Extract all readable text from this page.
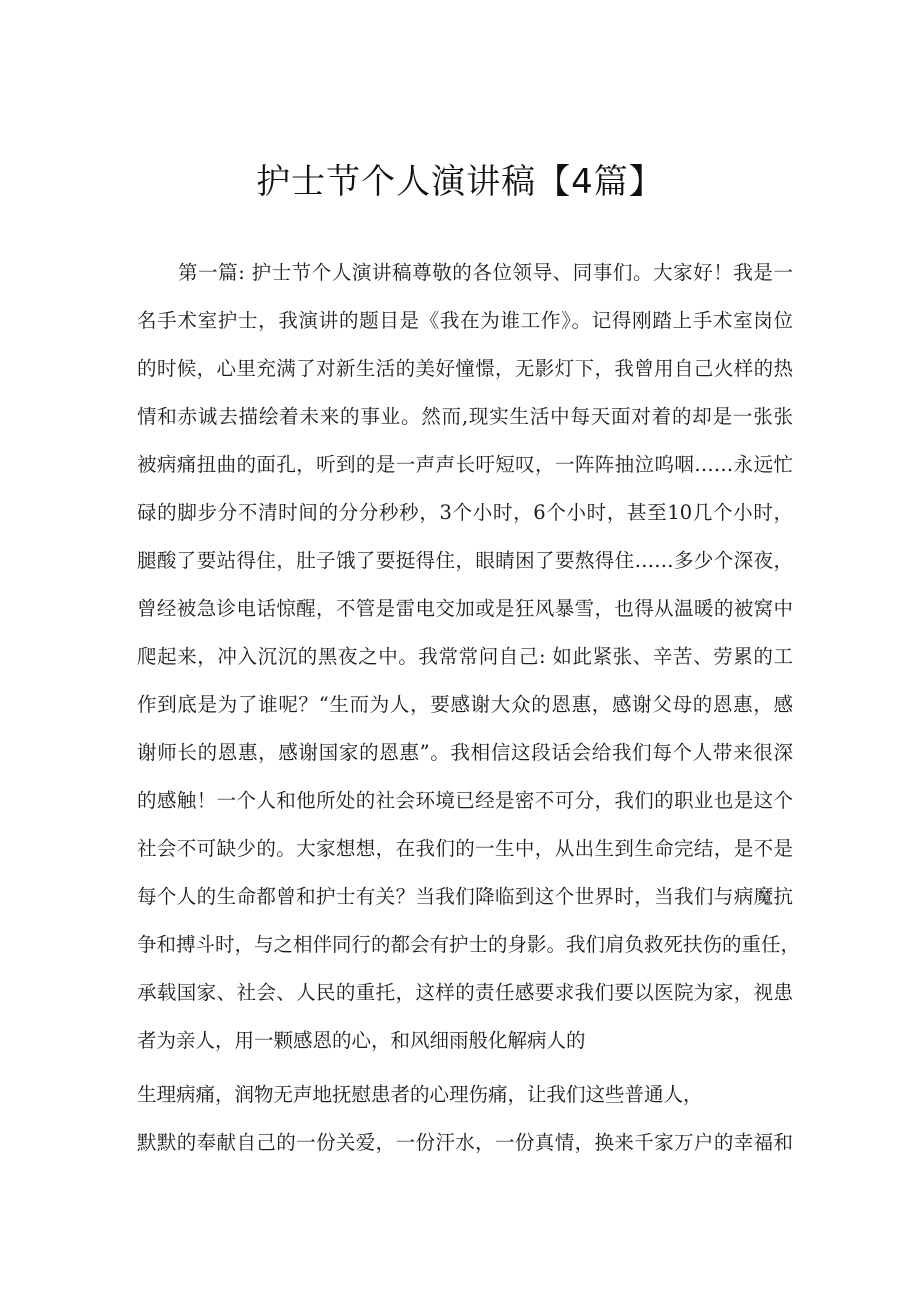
护士节个人演讲稿【4篇】
第一篇: 护士节个人演讲稿尊敬的各位领导、同事们。大家好！我是一
名手术室护士，我演讲的题目是《我在为谁工作》。记得刚踏上手术室岗位
的时候，心里充满了对新生活的美好憧憬，无影灯下，我曾用自己火样的热
情和赤诚去描绘着未来的事业。然而,现实生活中每天面对着的却是一张张
被病痛扭曲的面孔，听到的是一声声长吁短叹，一阵阵抽泣呜咽……永远忙
碌的脚步分不清时间的分分秒秒，3个小时，6个小时，甚至10几个小时，
腿酸了要站得住，肚子饿了要挺得住，眼睛困了要熬得住……多少个深夜，
曾经被急诊电话惊醒，不管是雷电交加或是狂风暴雪，也得从温暖的被窝中
爬起来，冲入沉沉的黑夜之中。我常常问自己: 如此紧张、辛苦、劳累的工
作到底是为了谁呢？“生而为人，要感谢大众的恩惠，感谢父母的恩惠，感
谢师长的恩惠，感谢国家的恩惠”。我相信这段话会给我们每个人带来很深
的感触！一个人和他所处的社会环境已经是密不可分，我们的职业也是这个
社会不可缺少的。大家想想，在我们的一生中，从出生到生命完结，是不是
每个人的生命都曾和护士有关？当我们降临到这个世界时，当我们与病魔抗
争和搏斗时，与之相伴同行的都会有护士的身影。我们肩负救死扶伤的重任，
承载国家、社会、人民的重托，这样的责任感要求我们要以医院为家，视患
者为亲人，用一颗感恩的心，和风细雨般化解病人的
生理病痛，润物无声地抚慰患者的心理伤痛，让我们这些普通人，
默默的奉献自己的一份关爱，一份汗水，一份真情，换来千家万户的幸福和
